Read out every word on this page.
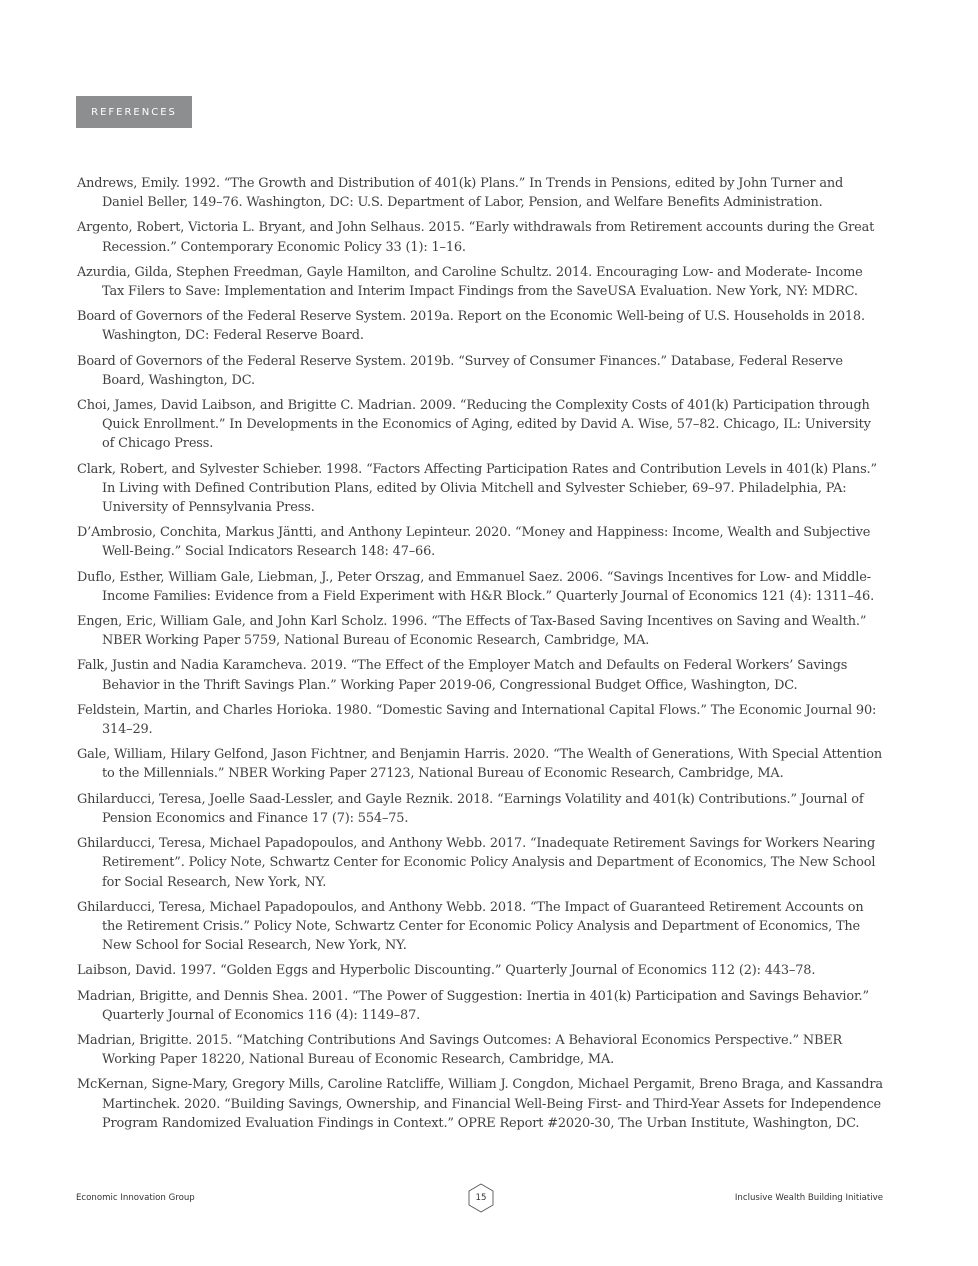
REFERENCES
Andrews, Emily. 1992. “The Growth and Distribution of 401(k) Plans.” In Trends in Pensions, edited by John Turner and Daniel Beller, 149–76. Washington, DC: U.S. Department of Labor, Pension, and Welfare Benefits Administration.
Argento, Robert, Victoria L. Bryant, and John Selhaus. 2015. “Early withdrawals from Retirement accounts during the Great Recession.” Contemporary Economic Policy 33 (1): 1–16.
Azurdia, Gilda, Stephen Freedman, Gayle Hamilton, and Caroline Schultz. 2014. Encouraging Low- and Moderate- Income Tax Filers to Save: Implementation and Interim Impact Findings from the SaveUSA Evaluation. New York, NY: MDRC.
Board of Governors of the Federal Reserve System. 2019a. Report on the Economic Well-being of U.S. Households in 2018. Washington, DC: Federal Reserve Board.
Board of Governors of the Federal Reserve System. 2019b. “Survey of Consumer Finances.” Database, Federal Reserve Board, Washington, DC.
Choi, James, David Laibson, and Brigitte C. Madrian. 2009. “Reducing the Complexity Costs of 401(k) Participation through Quick Enrollment.” In Developments in the Economics of Aging, edited by David A. Wise, 57–82. Chicago, IL: University of Chicago Press.
Clark, Robert, and Sylvester Schieber. 1998. “Factors Affecting Participation Rates and Contribution Levels in 401(k) Plans.” In Living with Defined Contribution Plans, edited by Olivia Mitchell and Sylvester Schieber, 69–97. Philadelphia, PA: University of Pennsylvania Press.
D’Ambrosio, Conchita, Markus Jäntti, and Anthony Lepinteur. 2020. “Money and Happiness: Income, Wealth and Subjective Well-Being.” Social Indicators Research 148: 47–66.
Duflo, Esther, William Gale, Liebman, J., Peter Orszag, and Emmanuel Saez. 2006. “Savings Incentives for Low- and Middle-Income Families: Evidence from a Field Experiment with H&R Block.” Quarterly Journal of Economics 121 (4): 1311–46.
Engen, Eric, William Gale, and John Karl Scholz. 1996. “The Effects of Tax-Based Saving Incentives on Saving and Wealth.” NBER Working Paper 5759, National Bureau of Economic Research, Cambridge, MA.
Falk, Justin and Nadia Karamcheva. 2019. “The Effect of the Employer Match and Defaults on Federal Workers’ Savings Behavior in the Thrift Savings Plan.” Working Paper 2019-06, Congressional Budget Office, Washington, DC.
Feldstein, Martin, and Charles Horioka. 1980. “Domestic Saving and International Capital Flows.” The Economic Journal 90: 314–29.
Gale, William, Hilary Gelfond, Jason Fichtner, and Benjamin Harris. 2020. “The Wealth of Generations, With Special Attention to the Millennials.” NBER Working Paper 27123, National Bureau of Economic Research, Cambridge, MA.
Ghilarducci, Teresa, Joelle Saad-Lessler, and Gayle Reznik. 2018. “Earnings Volatility and 401(k) Contributions.” Journal of Pension Economics and Finance 17 (7): 554–75.
Ghilarducci, Teresa, Michael Papadopoulos, and Anthony Webb. 2017. “Inadequate Retirement Savings for Workers Nearing Retirement”. Policy Note, Schwartz Center for Economic Policy Analysis and Department of Economics, The New School for Social Research, New York, NY.
Ghilarducci, Teresa, Michael Papadopoulos, and Anthony Webb. 2018. “The Impact of Guaranteed Retirement Accounts on the Retirement Crisis.” Policy Note, Schwartz Center for Economic Policy Analysis and Department of Economics, The New School for Social Research, New York, NY.
Laibson, David. 1997. “Golden Eggs and Hyperbolic Discounting.” Quarterly Journal of Economics 112 (2): 443–78.
Madrian, Brigitte, and Dennis Shea. 2001. “The Power of Suggestion: Inertia in 401(k) Participation and Savings Behavior.” Quarterly Journal of Economics 116 (4): 1149–87.
Madrian, Brigitte. 2015. “Matching Contributions And Savings Outcomes: A Behavioral Economics Perspective.” NBER Working Paper 18220, National Bureau of Economic Research, Cambridge, MA.
McKernan, Signe-Mary, Gregory Mills, Caroline Ratcliffe, William J. Congdon, Michael Pergamit, Breno Braga, and Kassandra Martinchek. 2020. “Building Savings, Ownership, and Financial Well-Being First- and Third-Year Assets for Independence Program Randomized Evaluation Findings in Context.” OPRE Report #2020-30, The Urban Institute, Washington, DC.
Economic Innovation Group	15	Inclusive Wealth Building Initiative
